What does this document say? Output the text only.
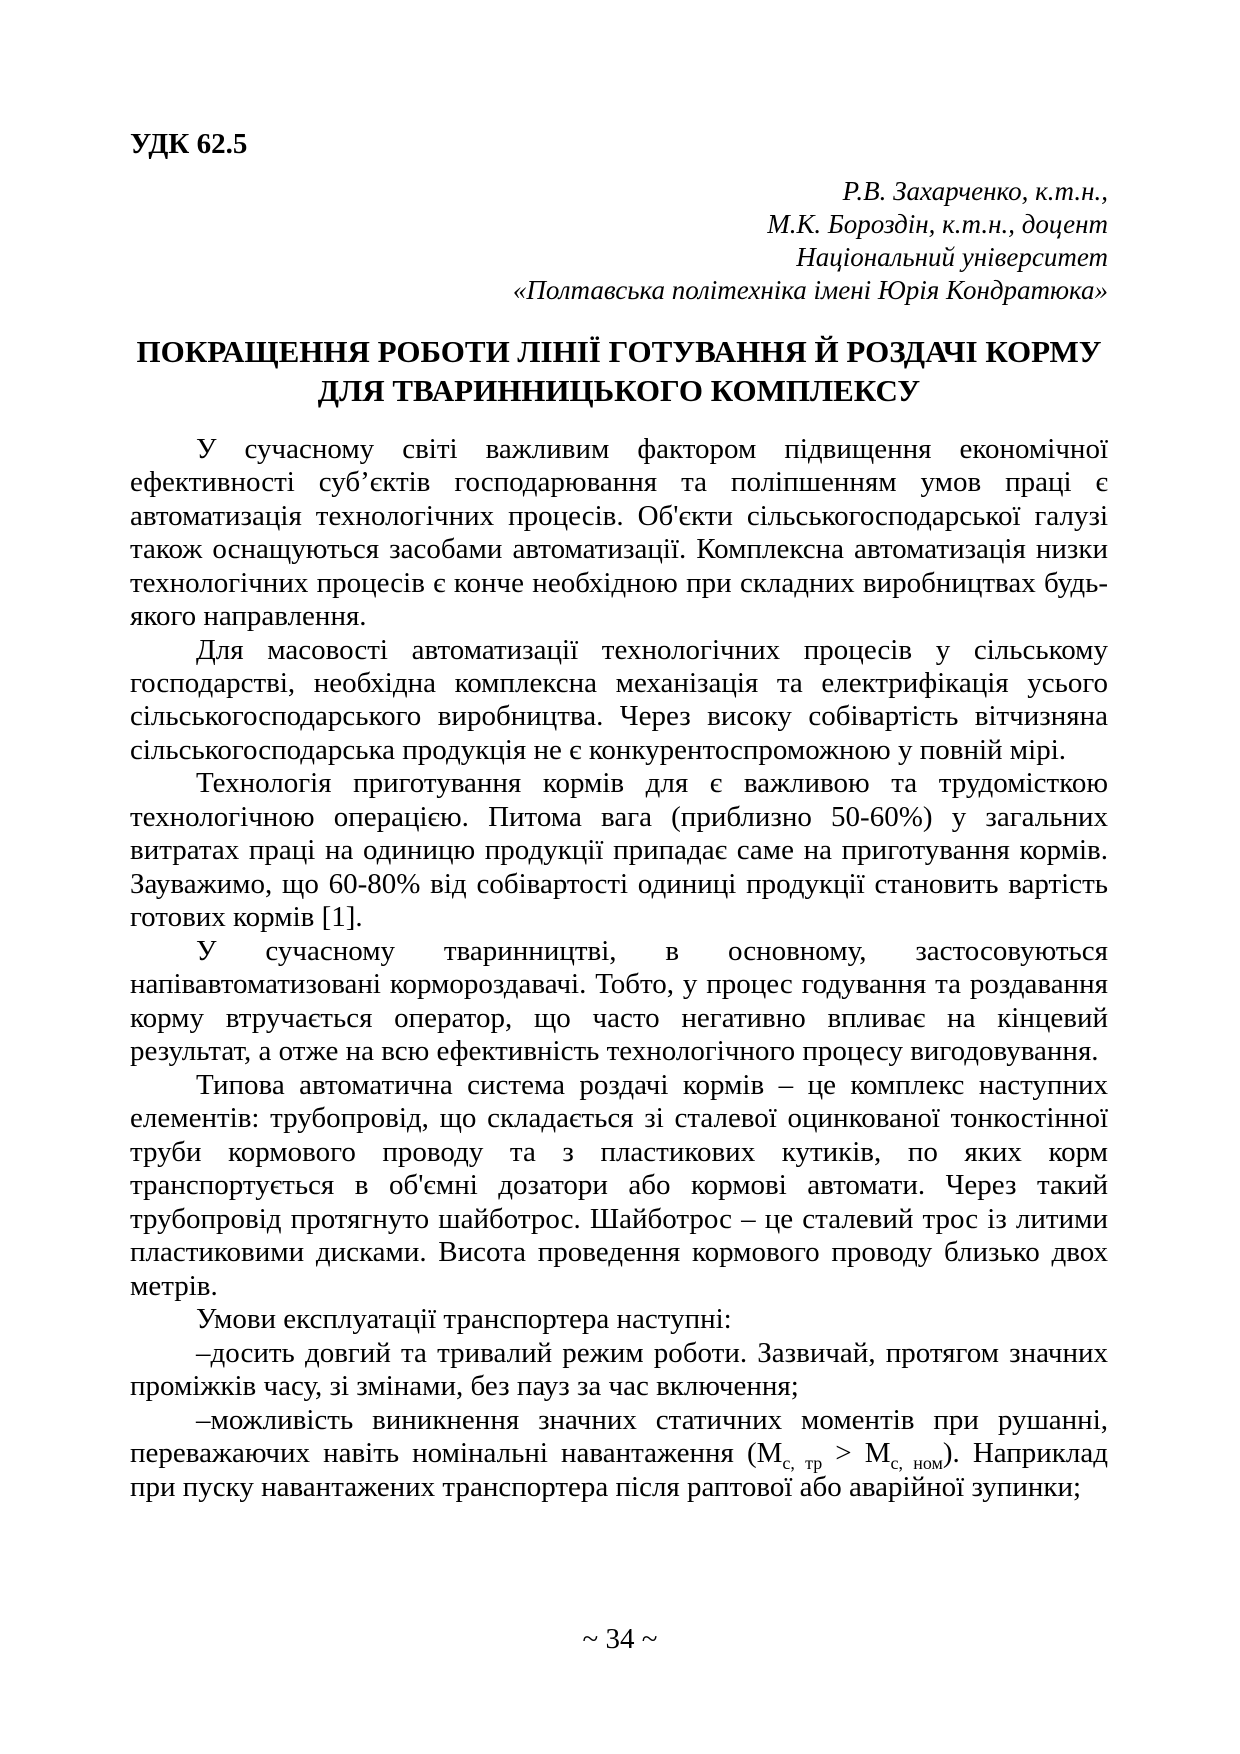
УДК 62.5
Р.В. Захарченко, к.т.н.,
М.К. Бороздін, к.т.н., доцент
Національний університет
«Полтавська політехніка імені Юрія Кондратюка»
ПОКРАЩЕННЯ РОБОТИ ЛІНІЇ ГОТУВАННЯ Й РОЗДАЧІ КОРМУ ДЛЯ ТВАРИННИЦЬКОГО КОМПЛЕКСУ

У сучасному світі важливим фактором підвищення економічної ефективності суб’єктів господарювання та поліпшенням умов праці є автоматизація технологічних процесів. Об'єкти сільськогосподарської галузі також оснащуються засобами автоматизації. Комплексна автоматизація низки технологічних процесів є конче необхідною при складних виробництвах будь-якого направлення.

Для масовості автоматизації технологічних процесів у сільському господарстві, необхідна комплексна механізація та електрифікація усього сільськогосподарського виробництва. Через високу собівартість вітчизняна сільськогосподарська продукція не є конкурентоспроможною у повній мірі.

Технологія приготування кормів для є важливою та трудомісткою технологічною операцією. Питома вага (приблизно 50-60%) у загальних витратах праці на одиницю продукції припадає саме на приготування кормів. Зауважимо, що 60-80% від собівартості одиниці продукції становить вартість готових кормів [1].

У сучасному тваринництві, в основному, застосовуються напівавтоматизовані кормороздавачі. Тобто, у процес годування та роздавання корму втручається оператор, що часто негативно впливає на кінцевий результат, а отже на всю ефективність технологічного процесу вигодовування.

Типова автоматична система роздачі кормів – це комплекс наступних елементів: трубопровід, що складається зі сталевої оцинкованої тонкостінної труби кормового проводу та з пластикових кутиків, по яких корм транспортується в об'ємні дозатори або кормові автомати. Через такий трубопровід протягнуто шайботрос. Шайботрос – це сталевий трос із литими пластиковими дисками. Висота проведення кормового проводу близько двох метрів.

Умови експлуатації транспортера наступні:

–досить довгий та тривалий режим роботи. Зазвичай, протягом значних проміжків часу, зі змінами, без пауз за час включення;

–можливість виникнення значних статичних моментів при рушанні, переважаючих навіть номінальні навантаження $(М_{с, тр} > М_{с, ном})$. Наприклад при пуску навантажених транспортера після раптової або аварійної зупинки;

~ 34 ~
